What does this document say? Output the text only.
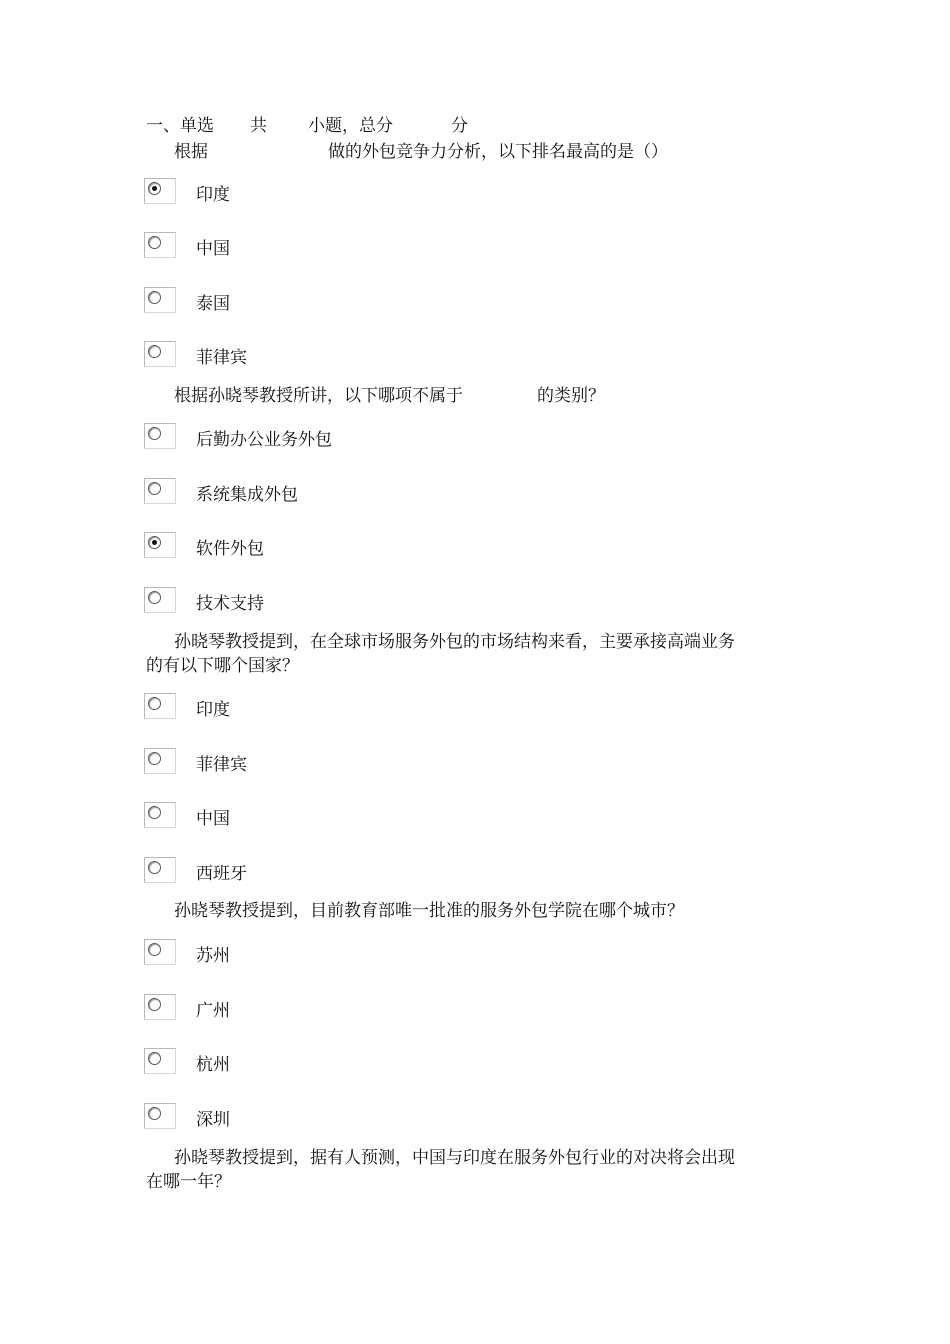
一、单选 共 小题，总分	分
根据	做的外包竞争力分析，以下排名最高的是（）
印度
中国
泰国
菲律宾
根据孙晓琴教授所讲，以下哪项不属于	的类别？
后勤办公业务外包
系统集成外包
软件外包
技术支持
孙晓琴教授提到，在全球市场服务外包的市场结构来看，主要承接高端业务
的有以下哪个国家？
印度
菲律宾
中国
西班牙
孙晓琴教授提到，目前教育部唯一批准的服务外包学院在哪个城市？
苏州
广州
杭州
深圳
孙晓琴教授提到，据有人预测，中国与印度在服务外包行业的对决将会出现
在哪一年？
